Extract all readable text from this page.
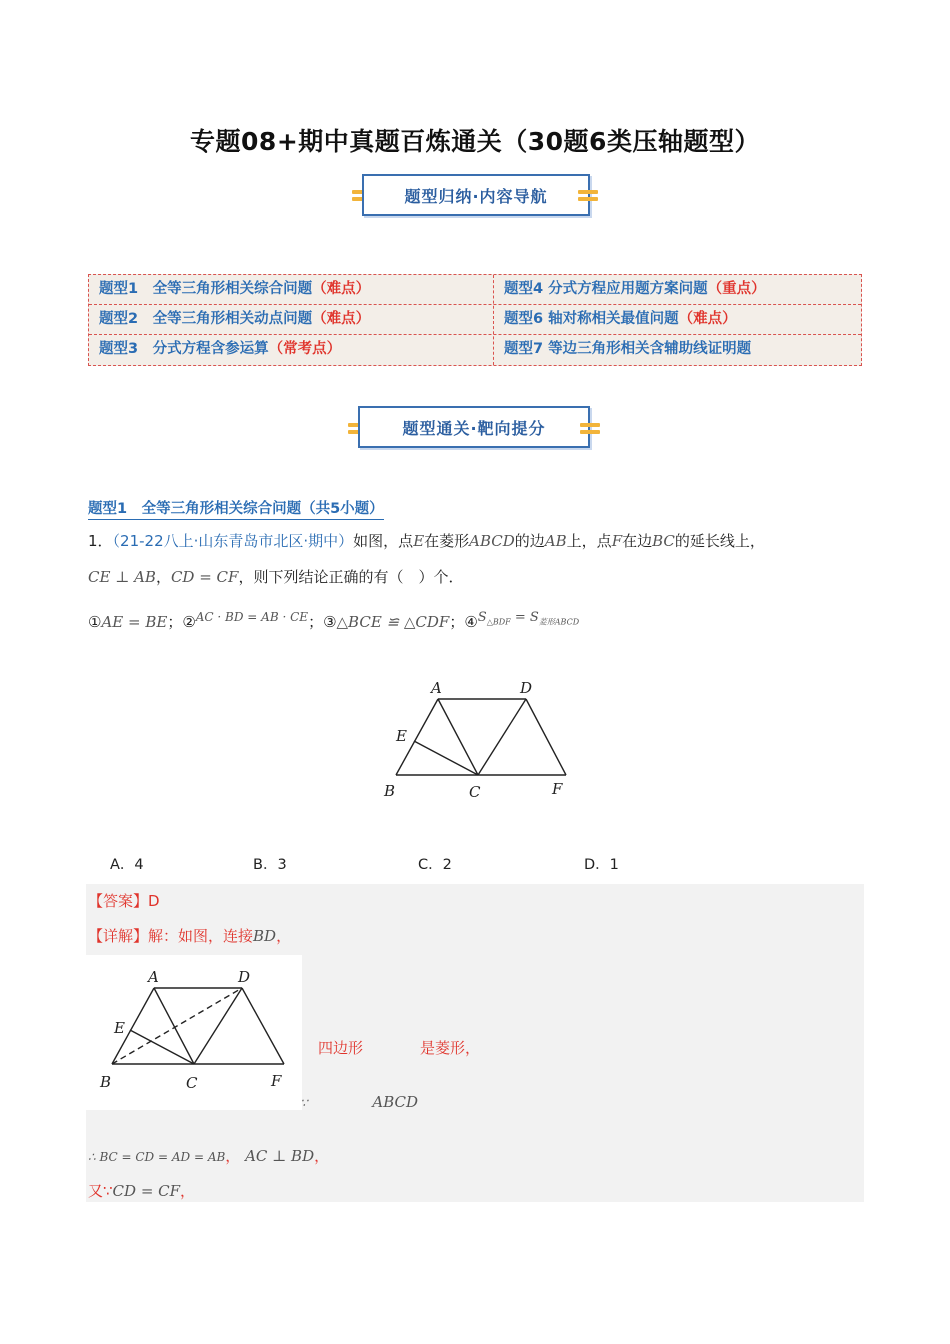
专题08+期中真题百炼通关（30题6类压轴题型）
题型归纳·内容导航
题型1　全等三角形相关综合问题（难点）	题型4 分式方程应用题方案问题（重点）
题型2　全等三角形相关动点问题（难点）	题型6 轴对称相关最值问题（难点）
题型3　分式方程含参运算（常考点）	题型7 等边三角形相关含辅助线证明题
题型通关·靶向提分
题型1　全等三角形相关综合问题（共5小题）
1．（21-22八上·山东青岛市北区·期中）如图，点E在菱形ABCD的边AB上，点F在边BC的延长线上，
CE ⊥ AB，CD = CF，则下列结论正确的有（　）个．
①AE = BE；②$^{AC \cdot BD = AB \cdot CE}$；③△BCE ≌ △CDF；$④S_{\triangle BDF} = S_{菱形ABCD}$
A	D
E
B	C	F
A．4	B．3	C．2	D．1
【答案】D
【详解】解：如图，连接BD，
A	D
E
B	C	F
四边形	是菱形，
∵	ABCD
∴ BC = CD = AD = AB， AC ⊥ BD，
又∵CD = CF，
